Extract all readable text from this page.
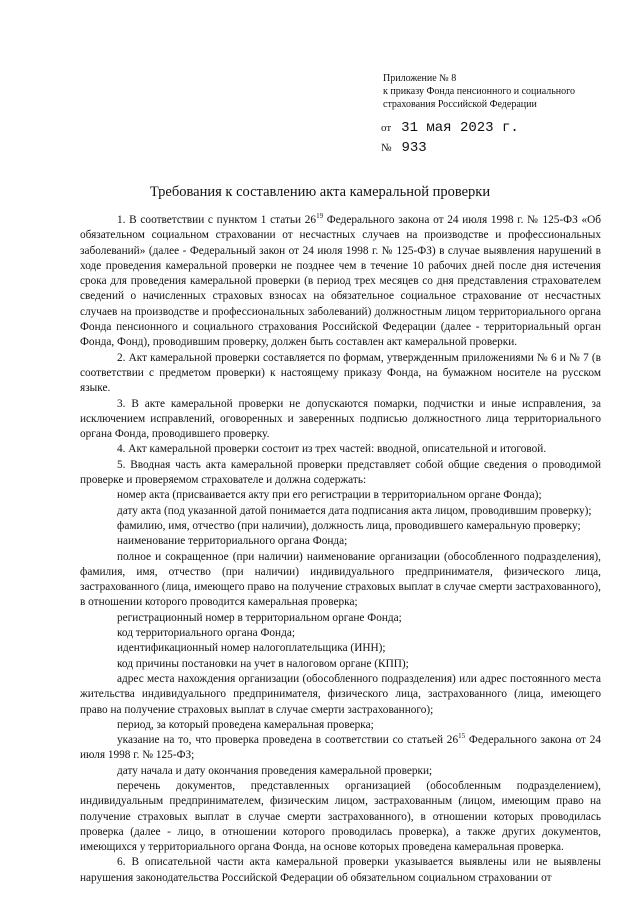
Приложение № 8
к приказу Фонда пенсионного и социального
страхования Российской Федерации
от 31 мая 2023 г.
№ 933
Требования к составлению акта камеральной проверки

1. В соответствии с пунктом 1 статьи $26^{19}$ Федерального закона от 24 июля 1998 г. № 125-ФЗ «Об обязательном социальном страховании от несчастных случаев на производстве и профессиональных заболеваний» (далее - Федеральный закон от 24 июля 1998 г. № 125-ФЗ) в случае выявления нарушений в ходе проведения камеральной проверки не позднее чем в течение 10 рабочих дней после дня истечения срока для проведения камеральной проверки (в период трех месяцев со дня представления страхователем сведений о начисленных страховых взносах на обязательное социальное страхование от несчастных случаев на производстве и профессиональных заболеваний) должностным лицом территориального органа Фонда пенсионного и социального страхования Российской Федерации (далее - территориальный орган Фонда, Фонд), проводившим проверку, должен быть составлен акт камеральной проверки.

2. Акт камеральной проверки составляется по формам, утвержденным приложениями № 6 и № 7 (в соответствии с предметом проверки) к настоящему приказу Фонда, на бумажном носителе на русском языке.

3. В акте камеральной проверки не допускаются помарки, подчистки и иные исправления, за исключением исправлений, оговоренных и заверенных подписью должностного лица территориального органа Фонда, проводившего проверку.

4. Акт камеральной проверки состоит из трех частей: вводной, описательной и итоговой.

5. Вводная часть акта камеральной проверки представляет собой общие сведения о проводимой проверке и проверяемом страхователе и должна содержать:

номер акта (присваивается акту при его регистрации в территориальном органе Фонда);

дату акта (под указанной датой понимается дата подписания акта лицом, проводившим проверку);

фамилию, имя, отчество (при наличии), должность лица, проводившего камеральную проверку;

наименование территориального органа Фонда;

полное и сокращенное (при наличии) наименование организации (обособленного подразделения), фамилия, имя, отчество (при наличии) индивидуального предпринимателя, физического лица, застрахованного (лица, имеющего право на получение страховых выплат в случае смерти застрахованного), в отношении которого проводится камеральная проверка;

регистрационный номер в территориальном органе Фонда;

код территориального органа Фонда;

идентификационный номер налогоплательщика (ИНН);

код причины постановки на учет в налоговом органе (КПП);

адрес места нахождения организации (обособленного подразделения) или адрес постоянного места жительства индивидуального предпринимателя, физического лица, застрахованного (лица, имеющего право на получение страховых выплат в случае смерти застрахованного);

период, за который проведена камеральная проверка;

указание на то, что проверка проведена в соответствии со статьей $26^{15}$ Федерального закона от 24 июля 1998 г. № 125-ФЗ;

дату начала и дату окончания проведения камеральной проверки;

перечень документов, представленных организацией (обособленным подразделением), индивидуальным предпринимателем, физическим лицом, застрахованным (лицом, имеющим право на получение страховых выплат в случае смерти застрахованного), в отношении которых проводилась проверка (далее - лицо, в отношении которого проводилась проверка), а также других документов, имеющихся у территориального органа Фонда, на основе которых проведена камеральная проверка.

6. В описательной части акта камеральной проверки указывается выявлены или не выявлены нарушения законодательства Российской Федерации об обязательном социальном страховании от
